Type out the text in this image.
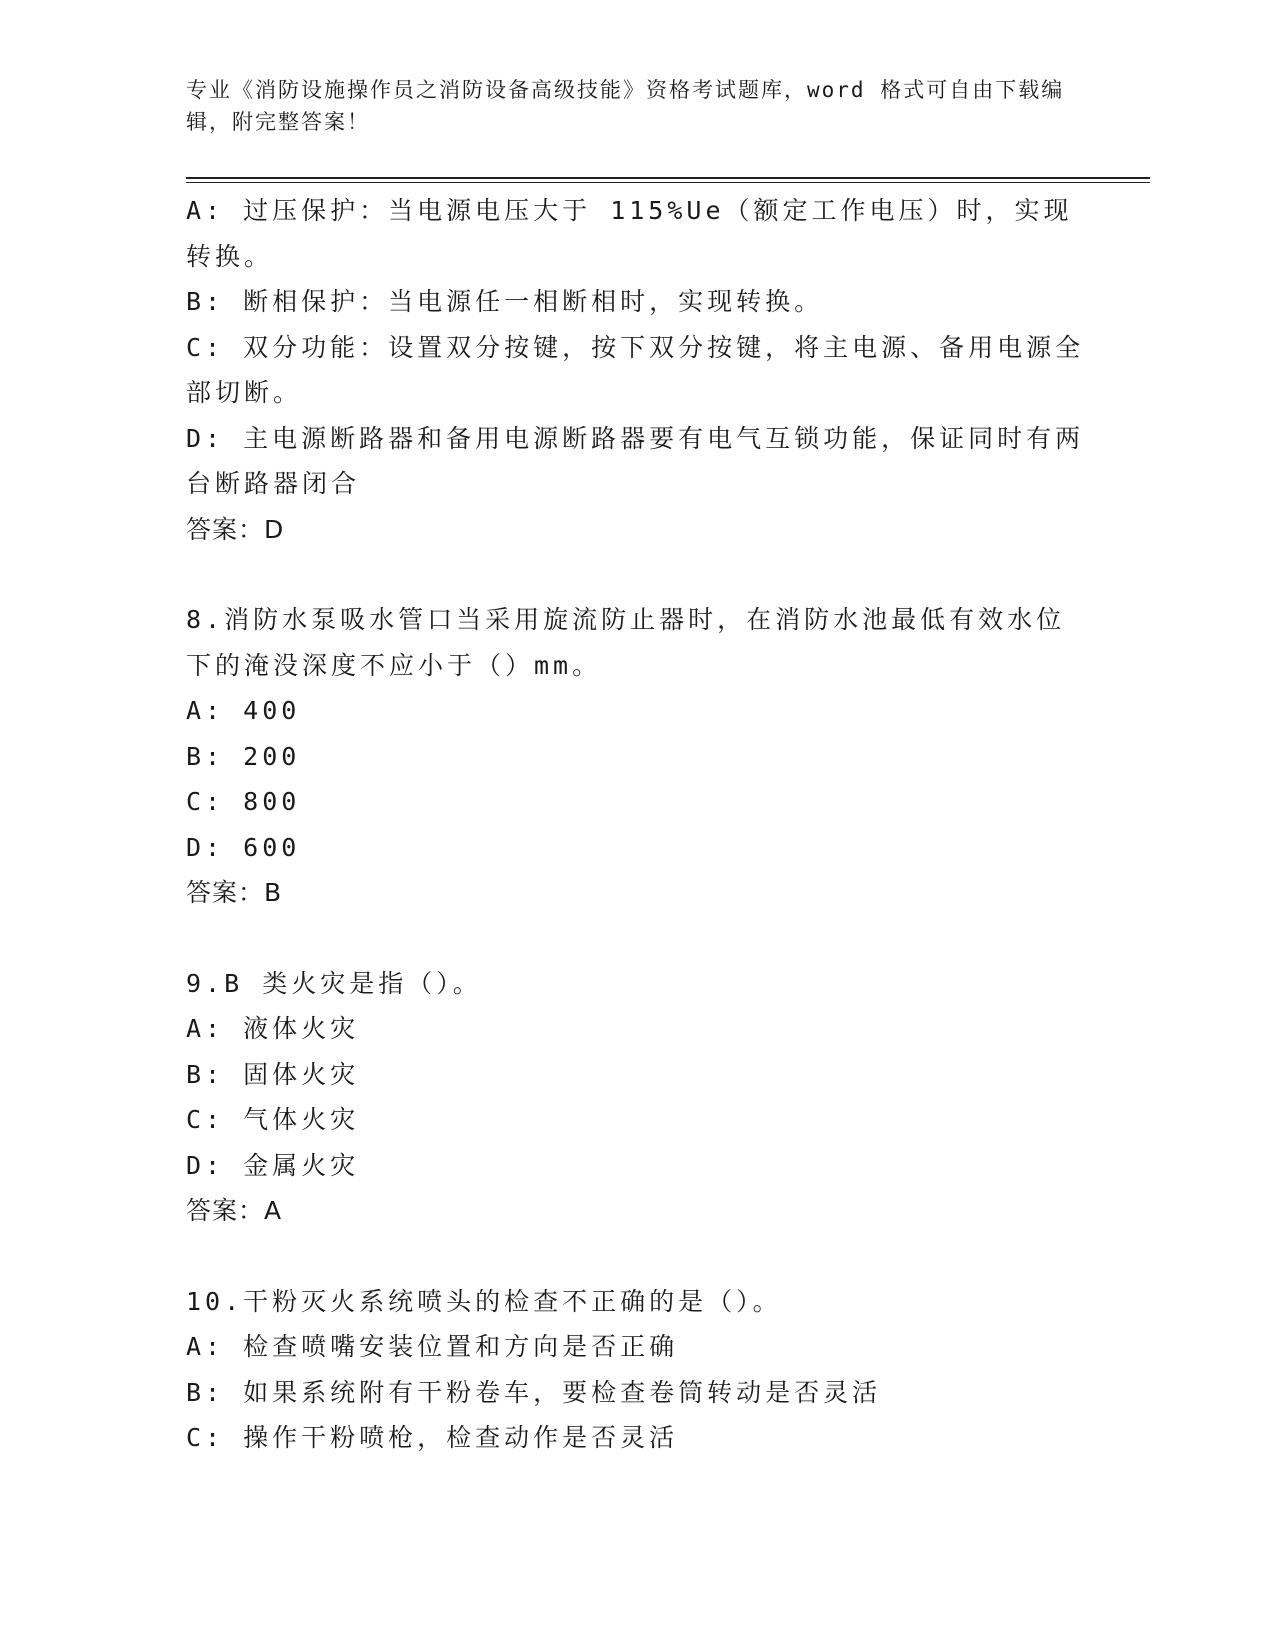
专业《消防设施操作员之消防设备高级技能》资格考试题库，word 格式可自由下载编辑，附完整答案！

A: 过压保护：当电源电压大于 115%Ue（额定工作电压）时，实现转换。

B: 断相保护：当电源任一相断相时，实现转换。

C: 双分功能：设置双分按键，按下双分按键，将主电源、备用电源全部切断。

D: 主电源断路器和备用电源断路器要有电气互锁功能，保证同时有两台断路器闭合

答案：D

8.消防水泵吸水管口当采用旋流防止器时，在消防水池最低有效水位下的淹没深度不应小于（）mm。

A: 400

B: 200

C: 800

D: 600

答案：B

9.B 类火灾是指（）。

A: 液体火灾

B: 固体火灾

C: 气体火灾

D: 金属火灾

答案：A

10.干粉灭火系统喷头的检查不正确的是（）。

A: 检查喷嘴安装位置和方向是否正确

B: 如果系统附有干粉卷车，要检查卷筒转动是否灵活

C: 操作干粉喷枪，检查动作是否灵活
